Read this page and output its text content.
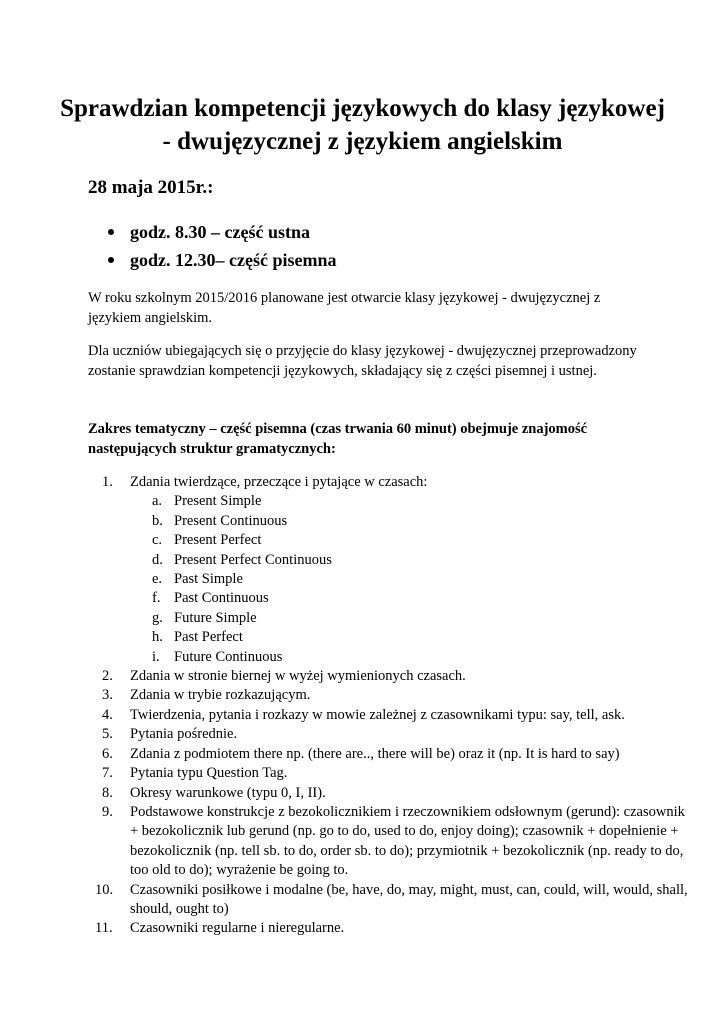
Sprawdzian kompetencji językowych do klasy językowej - dwujęzycznej z językiem angielskim

28 maja 2015r.:

godz. 8.30 – część ustna
godz. 12.30– część pisemna

W roku szkolnym 2015/2016 planowane jest otwarcie klasy językowej - dwujęzycznej z językiem angielskim.

Dla uczniów ubiegających się o przyjęcie do klasy językowej - dwujęzycznej przeprowadzony zostanie sprawdzian kompetencji językowych, składający się z części pisemnej i ustnej.

Zakres tematyczny – część pisemna (czas trwania 60 minut) obejmuje znajomość następujących struktur gramatycznych:

1.	Zdania twierdzące, przeczące i pytające w czasach:
a. Present Simple
b. Present Continuous
c. Present Perfect
d. Present Perfect Continuous
e. Past Simple
f. Past Continuous
g. Future Simple
h. Past Perfect
i. Future Continuous
2.	Zdania w stronie biernej w wyżej wymienionych czasach.
3.	Zdania w trybie rozkazującym.
4.	Twierdzenia, pytania i rozkazy w mowie zależnej z czasownikami typu: say, tell, ask.
5.	Pytania pośrednie.
6.	Zdania z podmiotem there np. (there are.., there will be) oraz it (np. It is hard to say)
7.	Pytania typu Question Tag.
8.	Okresy warunkowe (typu 0, I, II).
9.	Podstawowe konstrukcje z bezokolicznikiem i rzeczownikiem odsłownym (gerund): czasownik + bezokolicznik lub gerund (np. go to do, used to do, enjoy doing); czasownik + dopełnienie + bezokolicznik (np. tell sb. to do, order sb. to do); przymiotnik + bezokolicznik (np. ready to do, too old to do); wyrażenie be going to.
10.	Czasowniki posiłkowe i modalne (be, have, do, may, might, must, can, could, will, would, shall, should, ought to)
11.	Czasowniki regularne i nieregularne.
